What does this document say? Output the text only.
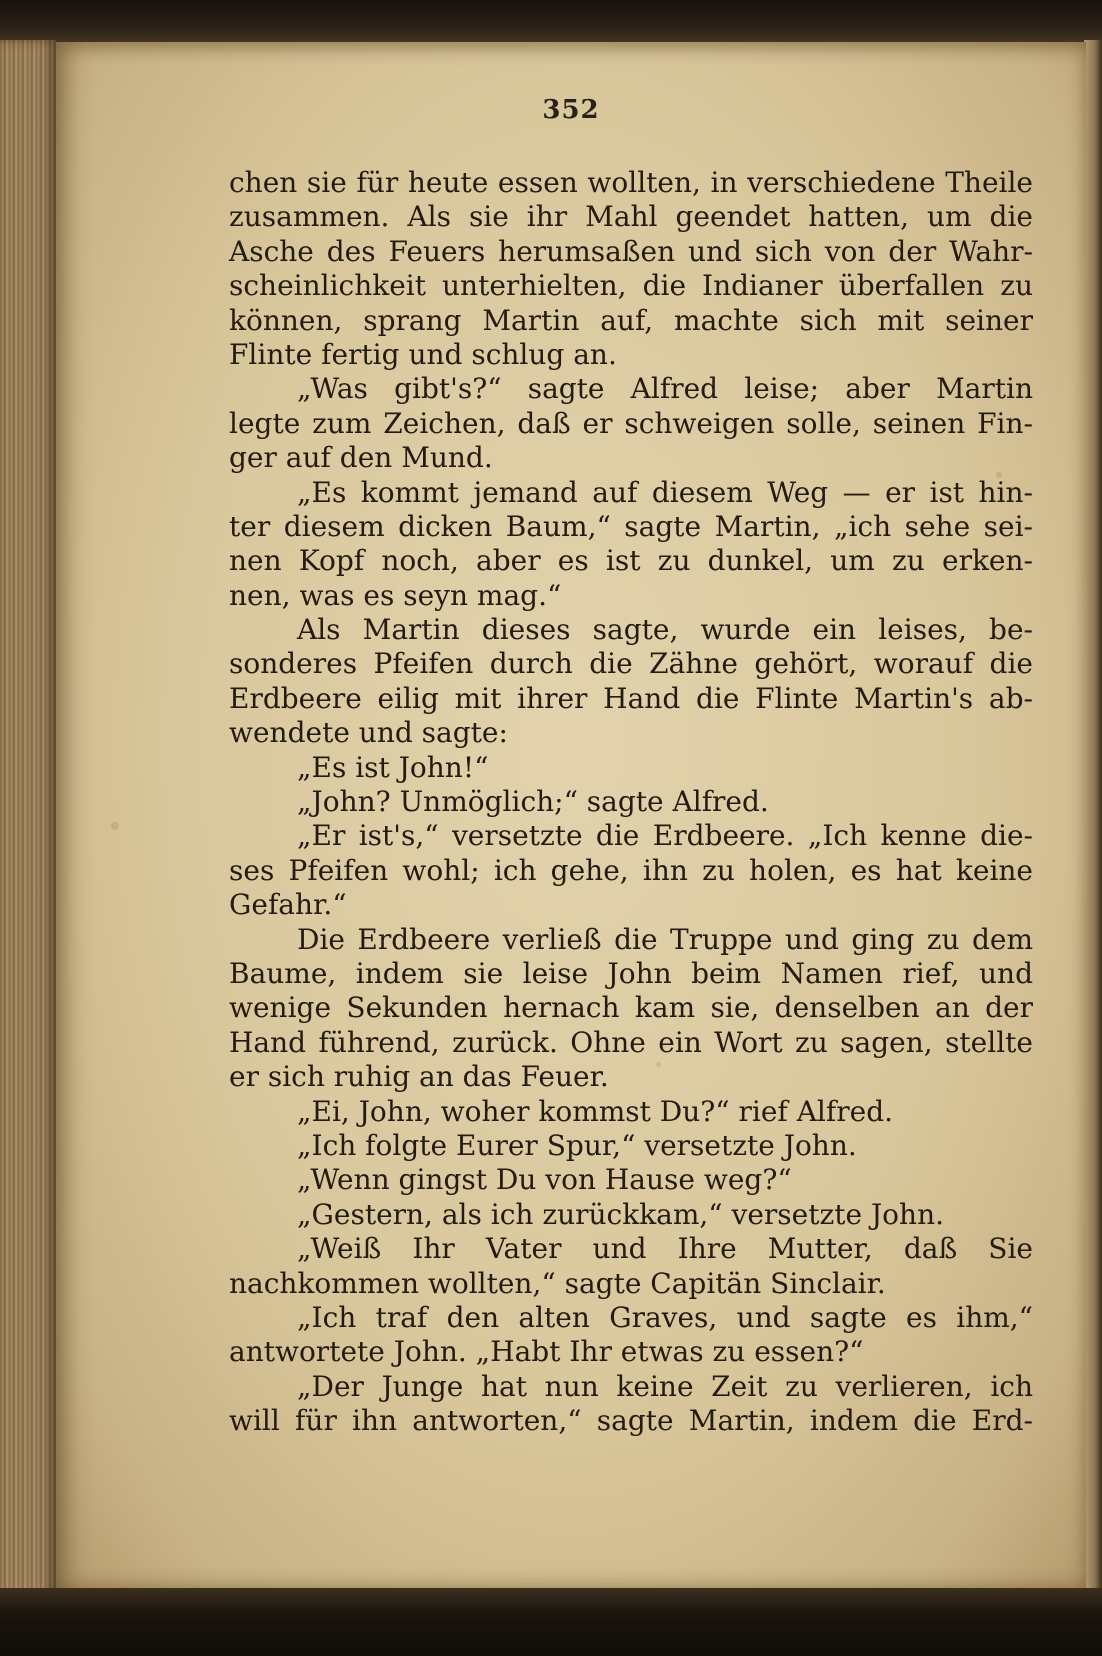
352
chen sie für heute essen wollten, in verschiedene Theile
zusammen. Als sie ihr Mahl geendet hatten, um die
Asche des Feuers herumsaßen und sich von der Wahr-
scheinlichkeit unterhielten, die Indianer überfallen zu
können, sprang Martin auf, machte sich mit seiner
Flinte fertig und schlug an.
„Was gibt's?“ sagte Alfred leise; aber Martin
legte zum Zeichen, daß er schweigen solle, seinen Fin-
ger auf den Mund.
„Es kommt jemand auf diesem Weg — er ist hin-
ter diesem dicken Baum,“ sagte Martin, „ich sehe sei-
nen Kopf noch, aber es ist zu dunkel, um zu erken-
nen, was es seyn mag.“
Als Martin dieses sagte, wurde ein leises, be-
sonderes Pfeifen durch die Zähne gehört, worauf die
Erdbeere eilig mit ihrer Hand die Flinte Martin's ab-
wendete und sagte:
„Es ist John!“
„John? Unmöglich;“ sagte Alfred.
„Er ist's,“ versetzte die Erdbeere. „Ich kenne die-
ses Pfeifen wohl; ich gehe, ihn zu holen, es hat keine
Gefahr.“
Die Erdbeere verließ die Truppe und ging zu dem
Baume, indem sie leise John beim Namen rief, und
wenige Sekunden hernach kam sie, denselben an der
Hand führend, zurück. Ohne ein Wort zu sagen, stellte
er sich ruhig an das Feuer.
„Ei, John, woher kommst Du?“ rief Alfred.
„Ich folgte Eurer Spur,“ versetzte John.
„Wenn gingst Du von Hause weg?“
„Gestern, als ich zurückkam,“ versetzte John.
„Weiß Ihr Vater und Ihre Mutter, daß Sie
nachkommen wollten,“ sagte Capitän Sinclair.
„Ich traf den alten Graves, und sagte es ihm,“
antwortete John. „Habt Ihr etwas zu essen?“
„Der Junge hat nun keine Zeit zu verlieren, ich
will für ihn antworten,“ sagte Martin, indem die Erd-
